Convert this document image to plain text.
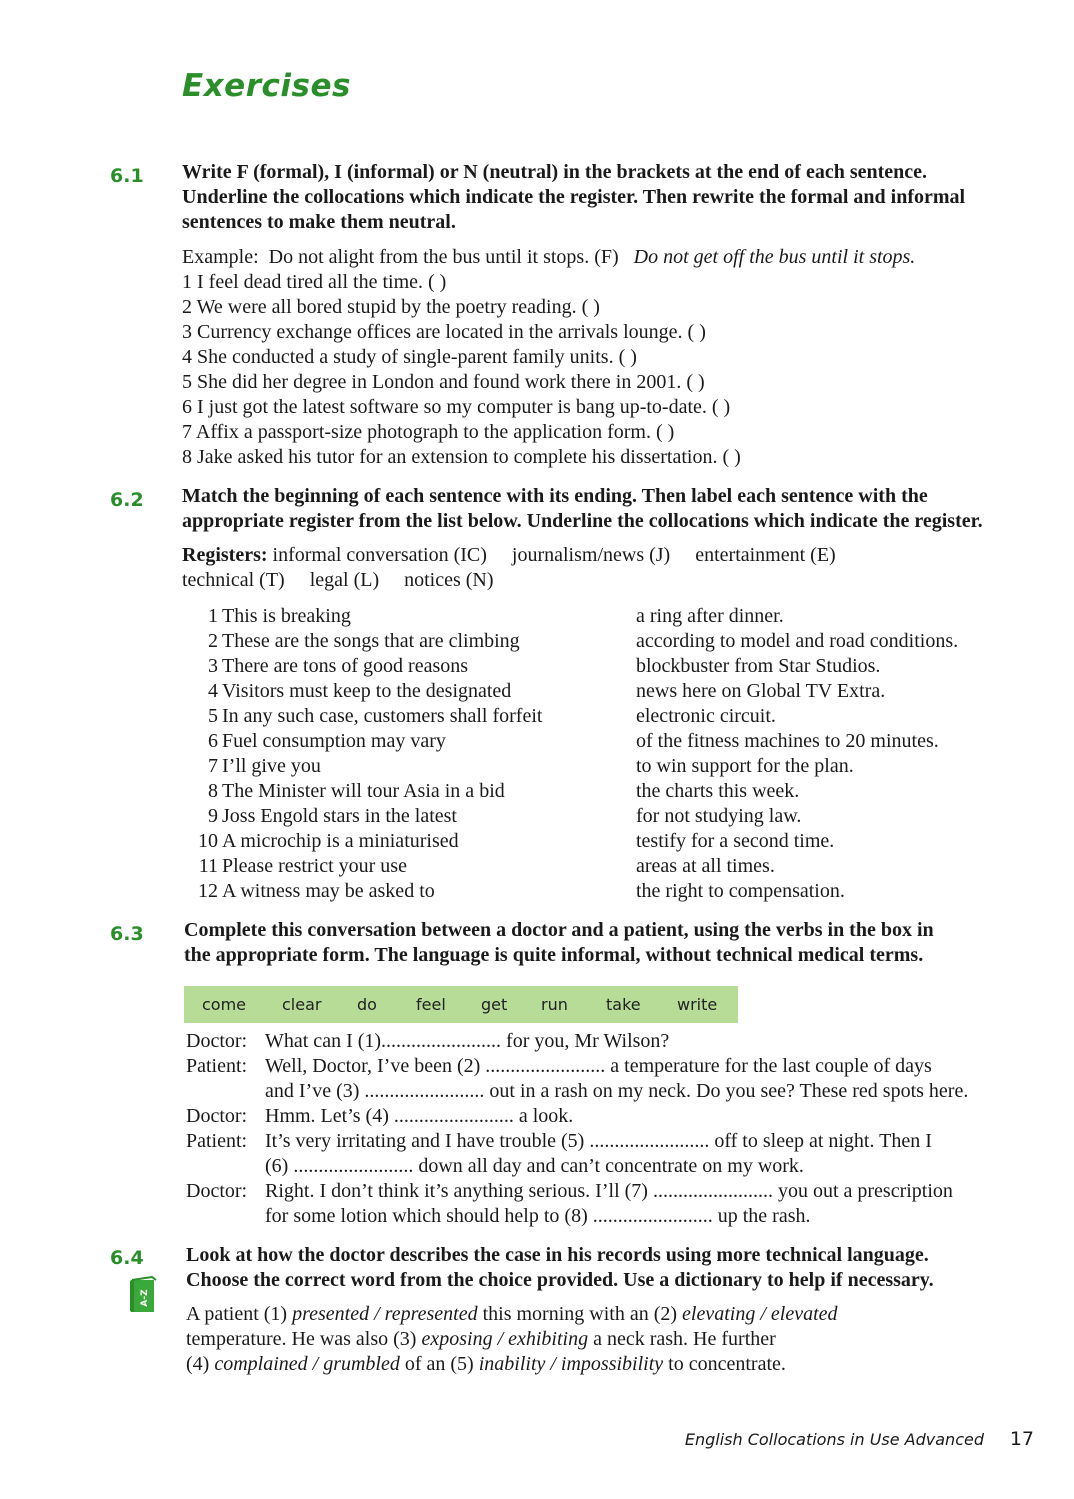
Exercises
6.1 Write F (formal), I (informal) or N (neutral) in the brackets at the end of each sentence.
Underline the collocations which indicate the register. Then rewrite the formal and informal
sentences to make them neutral.
Example: Do not alight from the bus until it stops. (F) Do not get off the bus until it stops.
1 I feel dead tired all the time. ( )
2 We were all bored stupid by the poetry reading. ( )
3 Currency exchange offices are located in the arrivals lounge. ( )
4 She conducted a study of single-parent family units. ( )
5 She did her degree in London and found work there in 2001. ( )
6 I just got the latest software so my computer is bang up-to-date. ( )
7 Affix a passport-size photograph to the application form. ( )
8 Jake asked his tutor for an extension to complete his dissertation. ( )
6.2 Match the beginning of each sentence with its ending. Then label each sentence with the
appropriate register from the list below. Underline the collocations which indicate the register.
Registers: informal conversation (IC)     journalism/news (J)     entertainment (E)
technical (T)     legal (L)     notices (N)
1 This is breaking
2 These are the songs that are climbing
3 There are tons of good reasons
4 Visitors must keep to the designated
5 In any such case, customers shall forfeit
6 Fuel consumption may vary
7 I’ll give you
8 The Minister will tour Asia in a bid
9 Joss Engold stars in the latest
10 A microchip is a miniaturised
11 Please restrict your use
12 A witness may be asked to
a ring after dinner.
according to model and road conditions.
blockbuster from Star Studios.
news here on Global TV Extra.
electronic circuit.
of the fitness machines to 20 minutes.
to win support for the plan.
the charts this week.
for not studying law.
testify for a second time.
areas at all times.
the right to compensation.
6.3 Complete this conversation between a doctor and a patient, using the verbs in the box in
the appropriate form. The language is quite informal, without technical medical terms.
come clear do feel get run take write
Doctor: What can I (1)........................ for you, Mr Wilson?
Patient: Well, Doctor, I’ve been (2) ........................ a temperature for the last couple of days
and I’ve (3) ........................ out in a rash on my neck. Do you see? These red spots here.
Doctor: Hmm. Let’s (4) ........................ a look.
Patient: It’s very irritating and I have trouble (5) ........................ off to sleep at night. Then I
(6) ........................ down all day and can’t concentrate on my work.
Doctor: Right. I don’t think it’s anything serious. I’ll (7) ........................ you out a prescription
for some lotion which should help to (8) ........................ up the rash.
6.4
A-Z
Look at how the doctor describes the case in his records using more technical language.
Choose the correct word from the choice provided. Use a dictionary to help if necessary.
A patient (1) presented / represented this morning with an (2) elevating / elevated
temperature. He was also (3) exposing / exhibiting a neck rash. He further
(4) complained / grumbled of an (5) inability / impossibility to concentrate.
English Collocations in Use Advanced 17
